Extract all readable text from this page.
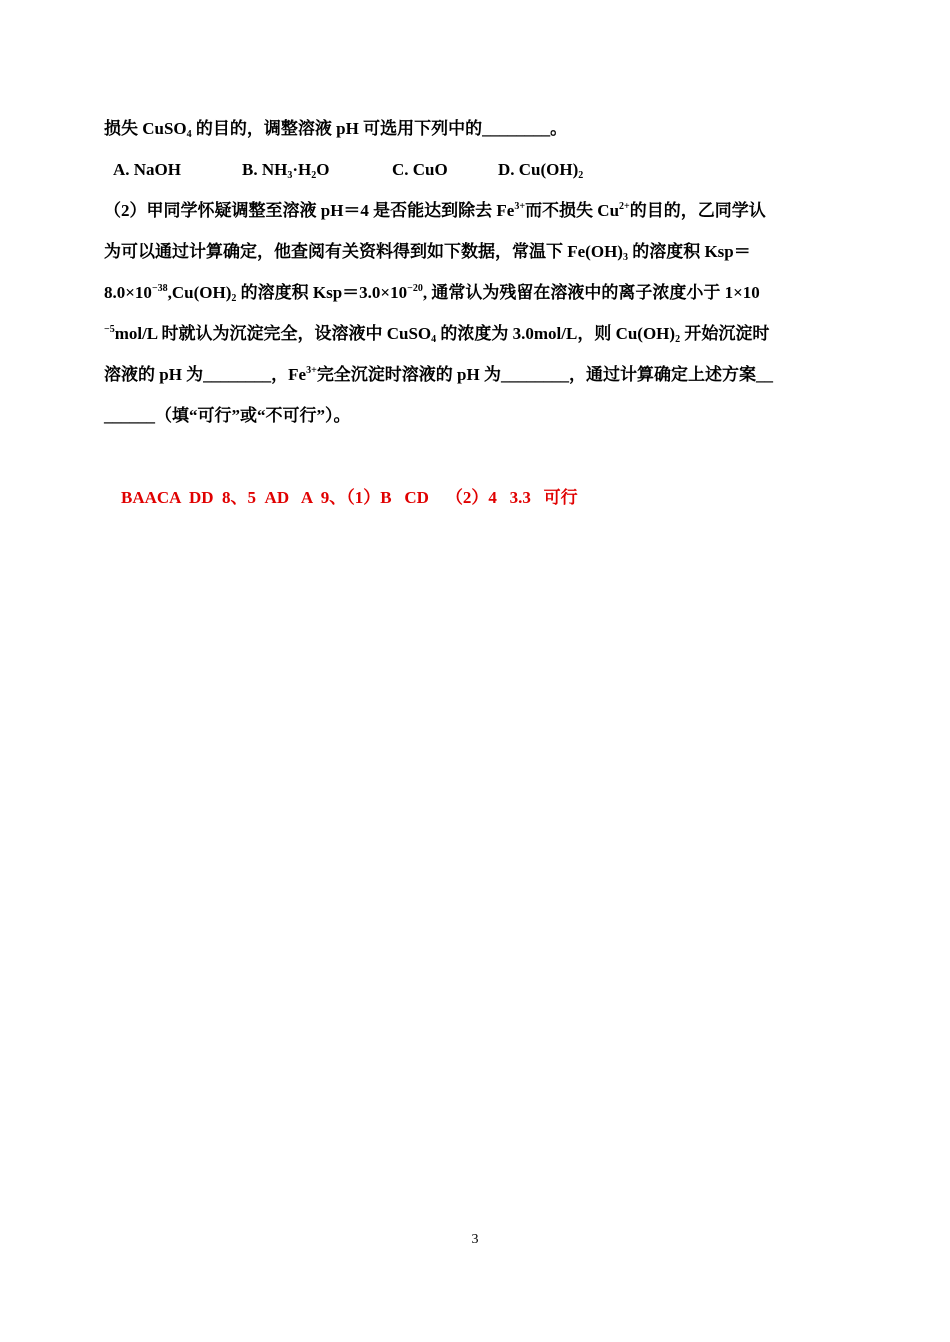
损失 CuSO$_4$ 的目的，调整溶液 pH 可选用下列中的________。
A. NaOH	B. $NH_3\cdot H_2O$	C. CuO	D. $Cu(OH)_2$
（2）甲同学怀疑调整至溶液 pH＝4 是否能达到除去 $Fe^{3+}$而不损失 $Cu^{2+}$的目的，乙同学认
为可以通过计算确定，他查阅有关资料得到如下数据，常温下 $Fe(OH)_3$ 的溶度积 Ksp＝
$8.0\times 10^{-38},Cu(OH)_2$ 的溶度积 $Ksp=3.0\times 10^{-20}$, 通常认为残留在溶液中的离子浓度小于 1×10
$^{-5}$mol/L 时就认为沉淀完全，设溶液中 CuSO$_4$ 的浓度为 3.0mol/L，则 $Cu(OH)_2$ 开始沉淀时
溶液的 pH 为________，$Fe^{3+}$完全沉淀时溶液的 pH 为________，通过计算确定上述方案__
______（填“可行”或“不可行”）。

BAACA  DD  8、5  AD   A  9、（1）B   CD    （2）4   3.3   可行

3
